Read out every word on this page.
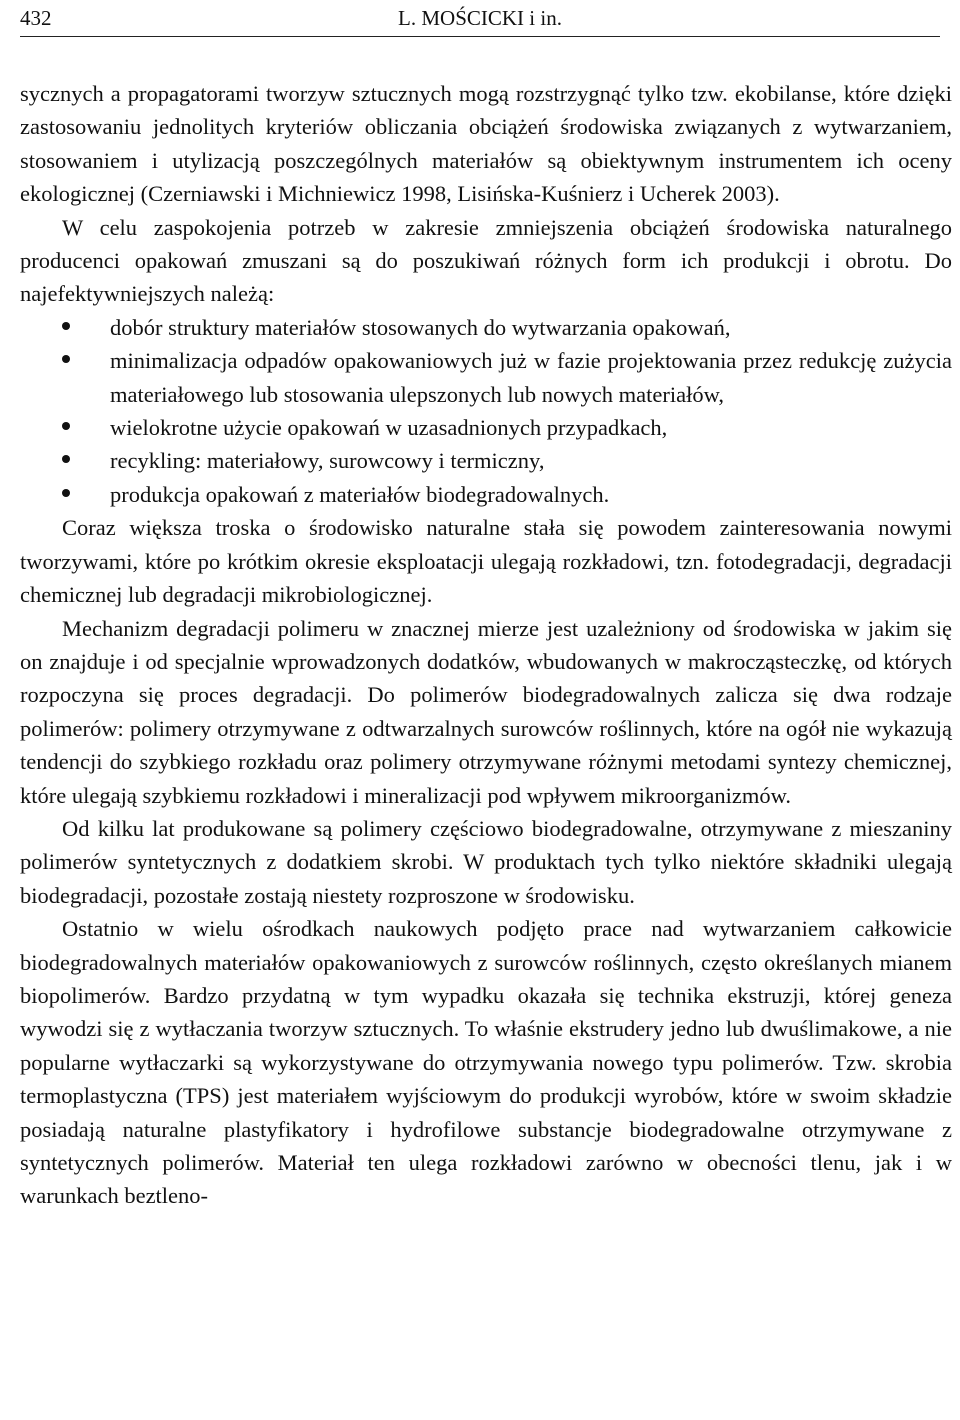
432	L. MOŚCICKI i in.

sycznych a propagatorami tworzyw sztucznych mogą rozstrzygnąć tylko tzw. ekobilanse, które dzięki zastosowaniu jednolitych kryteriów obliczania obciążeń środowiska związanych z wytwarzaniem, stosowaniem i utylizacją poszczególnych materiałów są obiektywnym instrumentem ich oceny ekologicznej (Czerniawski i Michniewicz 1998, Lisińska-Kuśnierz i Ucherek 2003).

W celu zaspokojenia potrzeb w zakresie zmniejszenia obciążeń środowiska naturalnego producenci opakowań zmuszani są do poszukiwań różnych form ich produkcji i obrotu. Do najefektywniejszych należą:

dobór struktury materiałów stosowanych do wytwarzania opakowań,
minimalizacja odpadów opakowaniowych już w fazie projektowania przez redukcję zużycia materiałowego lub stosowania ulepszonych lub nowych materiałów,
wielokrotne użycie opakowań w uzasadnionych przypadkach,
recykling: materiałowy, surowcowy i termiczny,
produkcja opakowań z materiałów biodegradowalnych.

Coraz większa troska o środowisko naturalne stała się powodem zainteresowania nowymi tworzywami, które po krótkim okresie eksploatacji ulegają rozkładowi, tzn. fotodegradacji, degradacji chemicznej lub degradacji mikrobiologicznej.

Mechanizm degradacji polimeru w znacznej mierze jest uzależniony od środowiska w jakim się on znajduje i od specjalnie wprowadzonych dodatków, wbudowanych w makrocząsteczkę, od których rozpoczyna się proces degradacji. Do polimerów biodegradowalnych zalicza się dwa rodzaje polimerów: polimery otrzymywane z odtwarzalnych surowców roślinnych, które na ogół nie wykazują tendencji do szybkiego rozkładu oraz polimery otrzymywane różnymi metodami syntezy chemicznej, które ulegają szybkiemu rozkładowi i mineralizacji pod wpływem mikroorganizmów.

Od kilku lat produkowane są polimery częściowo biodegradowalne, otrzymywane z mieszaniny polimerów syntetycznych z dodatkiem skrobi. W produktach tych tylko niektóre składniki ulegają biodegradacji, pozostałe zostają niestety rozproszone w środowisku.

Ostatnio w wielu ośrodkach naukowych podjęto prace nad wytwarzaniem całkowicie biodegradowalnych materiałów opakowaniowych z surowców roślinnych, często określanych mianem biopolimerów. Bardzo przydatną w tym wypadku okazała się technika ekstruzji, której geneza wywodzi się z wytłaczania tworzyw sztucznych. To właśnie ekstrudery jedno lub dwuślimakowe, a nie popularne wytłaczarki są wykorzystywane do otrzymywania nowego typu polimerów. Tzw. skrobia termoplastyczna (TPS) jest materiałem wyjściowym do produkcji wyrobów, które w swoim składzie posiadają naturalne plastyfikatory i hydrofilowe substancje biodegradowalne otrzymywane z syntetycznych polimerów. Materiał ten ulega rozkładowi zarówno w obecności tlenu, jak i w warunkach beztleno-
